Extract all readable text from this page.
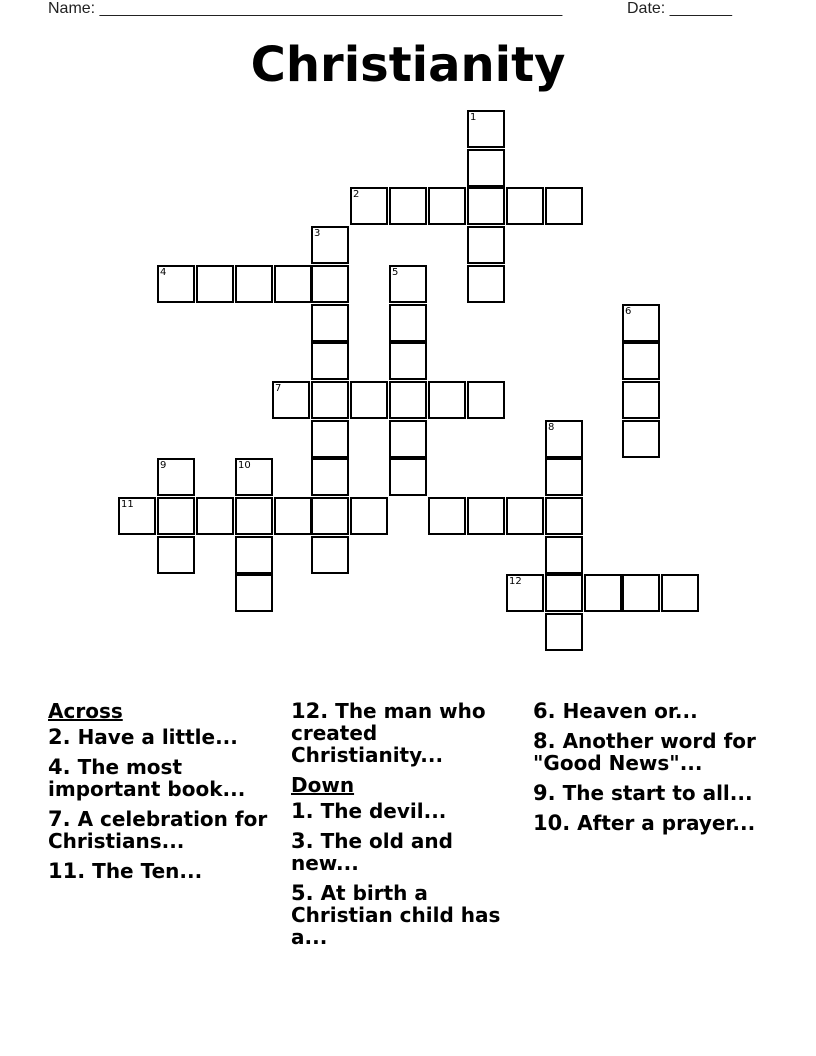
Name: ____________________________________________________	Date: _______
Christianity
1
2
3
4	5
6
7
8
9	10
11
12
Across
2. Have a little...
4. The most important book...
7. A celebration for Christians...
11. The Ten...
12. The man who created Christianity...
Down
1. The devil...
3. The old and new...
5. At birth a Christian child has a...
6. Heaven or...
8. Another word for "Good News"...
9. The start to all...
10. After a prayer...
